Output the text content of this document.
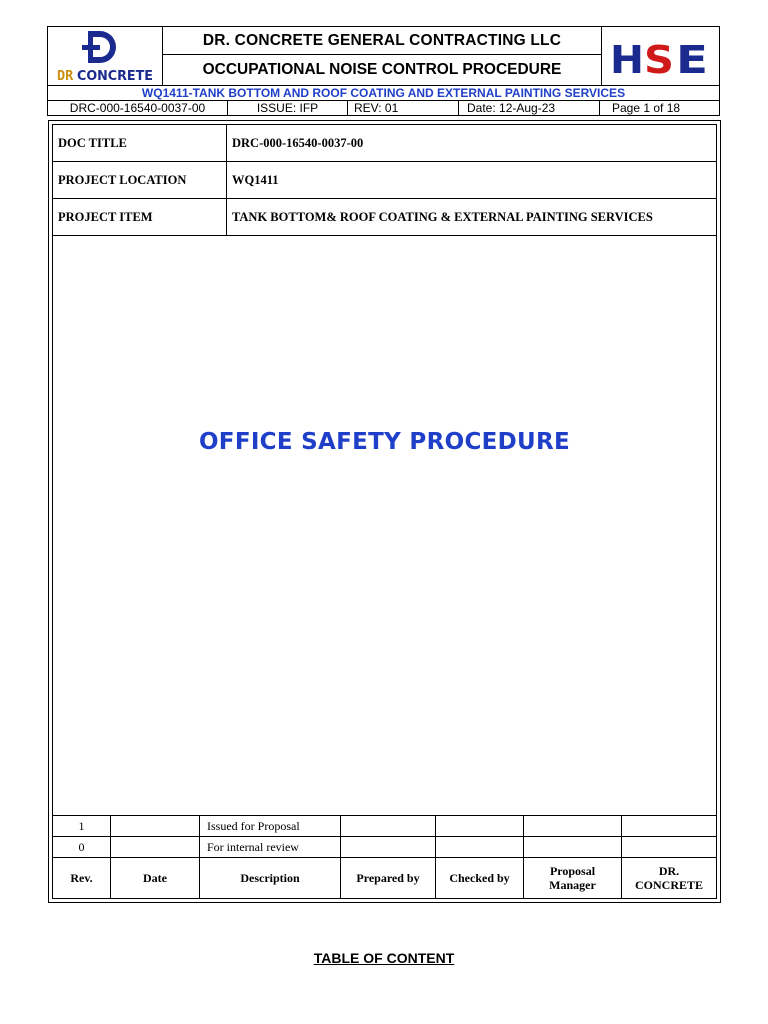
DR CONCRETE
DR. CONCRETE GENERAL CONTRACTING LLC
OCCUPATIONAL NOISE CONTROL PROCEDURE	H S E
WQ1411-TANK BOTTOM AND ROOF COATING AND EXTERNAL PAINTING SERVICES
DRC-000-16540-0037-00	ISSUE: IFP	REV: 01	Date: 12-Aug-23	Page 1 of 18
DOC TITLE	DRC-000-16540-0037-00
PROJECT LOCATION	WQ1411
PROJECT ITEM	TANK BOTTOM& ROOF COATING & EXTERNAL PAINTING SERVICES
OFFICE SAFETY PROCEDURE
1		Issued for Proposal				
0		For internal review				
Rev.	Date	Description	Prepared by	Checked by	Proposal Manager	DR. CONCRETE
TABLE OF CONTENT
